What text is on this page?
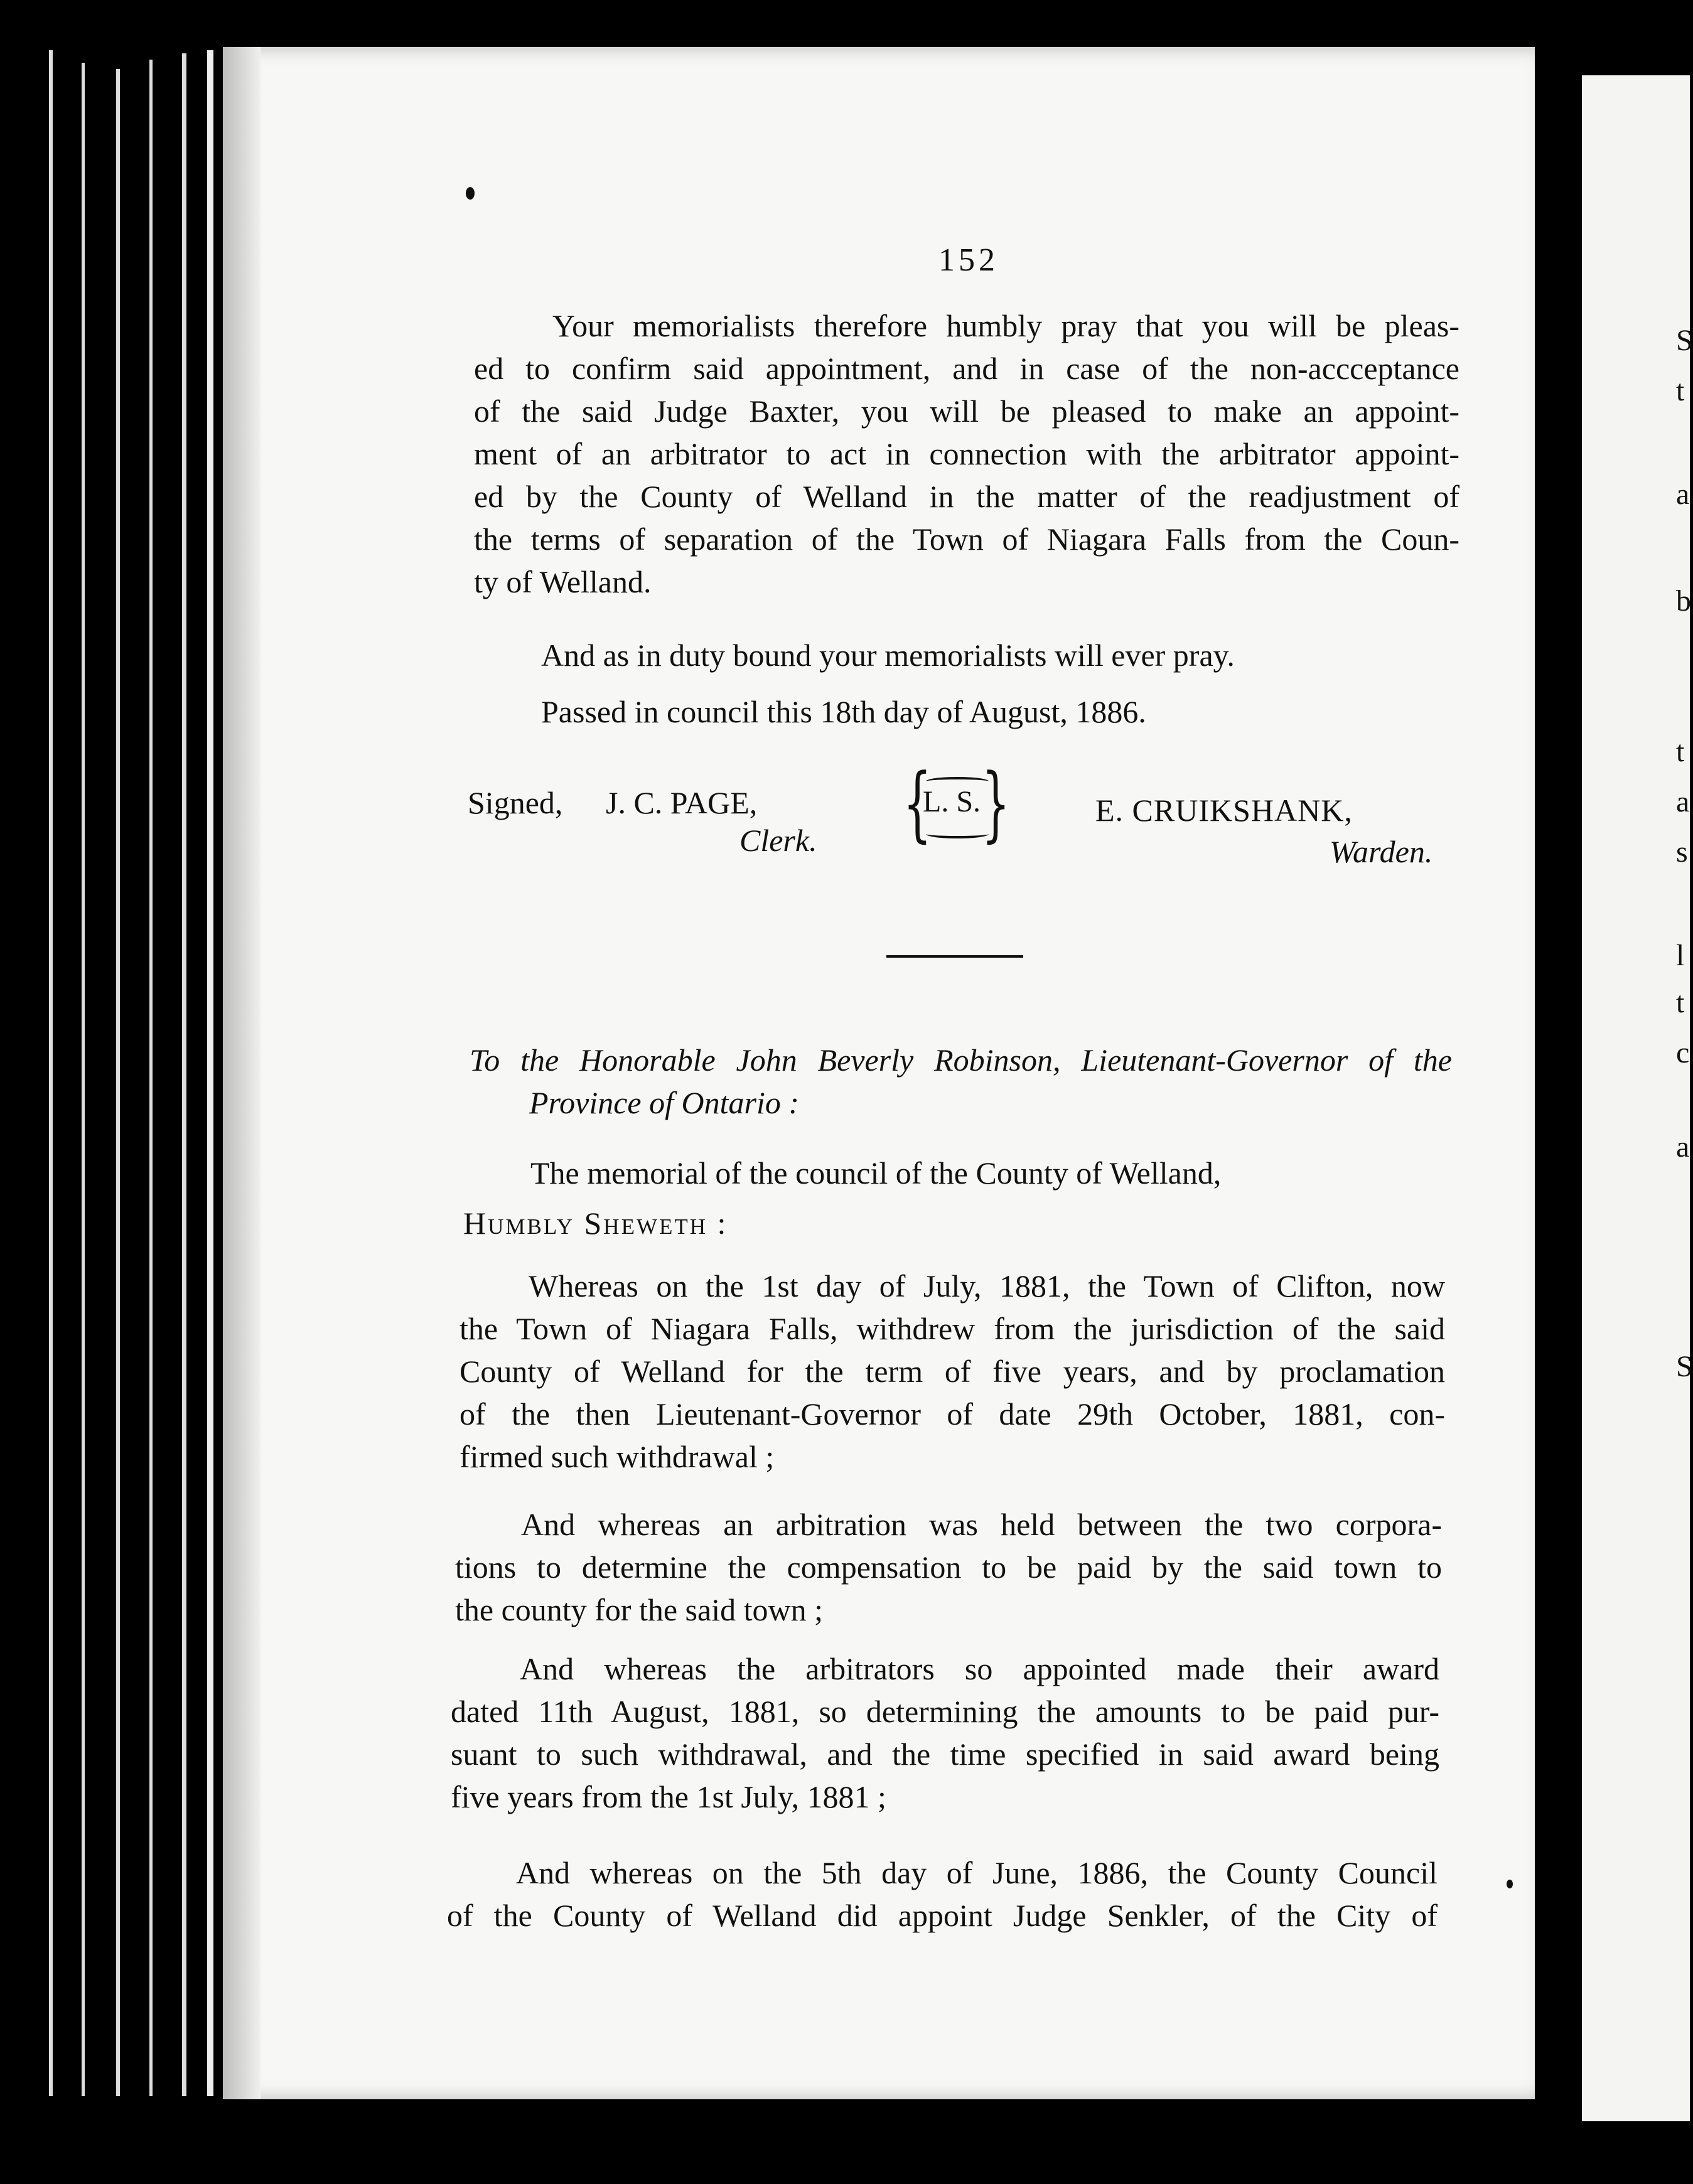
S
t
a
b
t
a
s
l
t
c
a
S
152
Your memorialists therefore humbly pray that you will be pleas-
ed to confirm said appointment, and in case of the non-accceptance
of the said Judge Baxter, you will be pleased to make an appoint-
ment of an arbitrator to act in connection with the arbitrator appoint-
ed by the County of Welland in the matter of the readjustment of
the terms of separation of the Town of Niagara Falls from the Coun-
ty of Welland.
And as in duty bound your memorialists will ever pray.
Passed in council this 18th day of August, 1886.
Signed, J. C. PAGE,
Clerk. {
L. S. }	E. CRUIKSHANK,
Warden.
To the Honorable John Beverly Robinson, Lieutenant-Governor of the
Province of Ontario :
The memorial of the council of the County of Welland,
Humbly Sheweth :
Whereas on the 1st day of July, 1881, the Town of Clifton, now
the Town of Niagara Falls, withdrew from the jurisdiction of the said
County of Welland for the term of five years, and by proclamation
of the then Lieutenant-Governor of date 29th October, 1881, con-
firmed such withdrawal ;
And whereas an arbitration was held between the two corpora-
tions to determine the compensation to be paid by the said town to
the county for the said town ;
And whereas the arbitrators so appointed made their award
dated 11th August, 1881, so determining the amounts to be paid pur-
suant to such withdrawal, and the time specified in said award being
five years from the 1st July, 1881 ;
And whereas on the 5th day of June, 1886, the County Council
of the County of Welland did appoint Judge Senkler, of the City of
